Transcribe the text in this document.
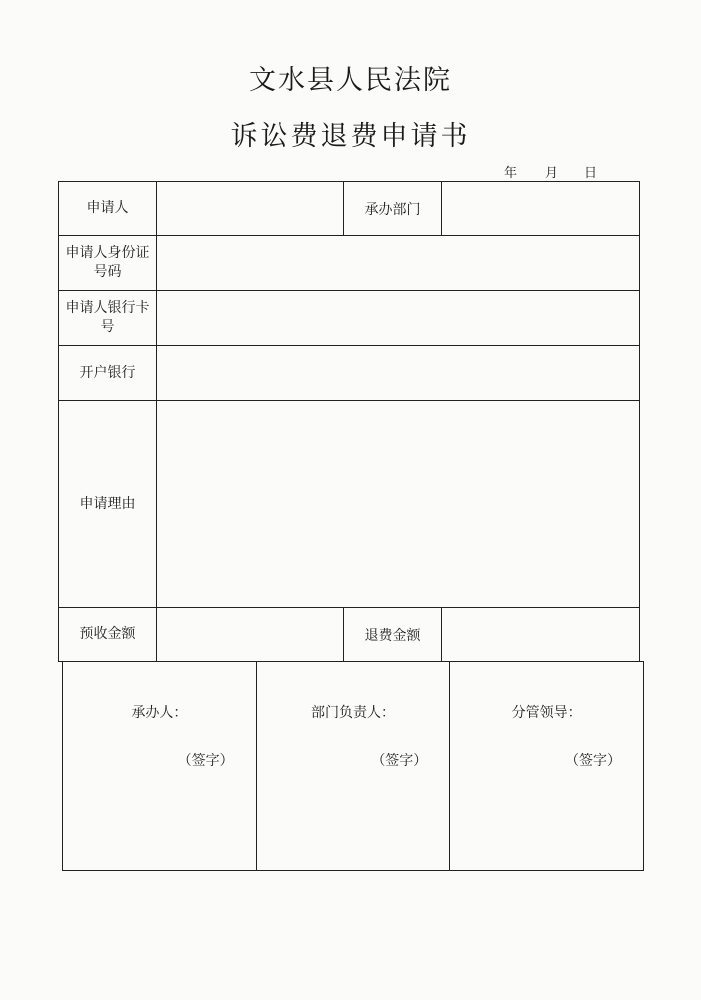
文水县人民法院
诉讼费退费申请书
年 月 日
申请人		承办部门	
申请人身份证号码			
申请人银行卡号			
开户银行			
申请理由			
预收金额		退费金额	
承办人：
（签字）

部门负责人：
（签字）

分管领导：
（签字）
